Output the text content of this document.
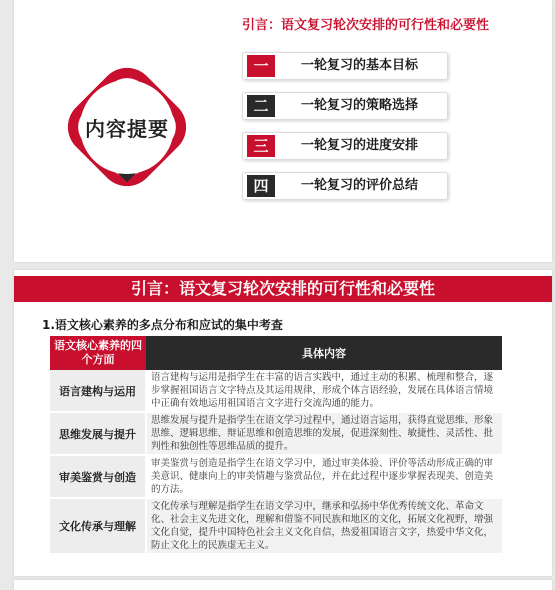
内容提要
引言：语文复习轮次安排的可行性和必要性
一	一轮复习的基本目标
二	一轮复习的策略选择
三	一轮复习的进度安排
四	一轮复习的评价总结
引言：语文复习轮次安排的可行性和必要性
1.语文核心素养的多点分布和应试的集中考查
语文核心素养的四个方面	具体内容
语言建构与运用	语言建构与运用是指学生在丰富的语言实践中，通过主动的积累、梳理和整合，逐步掌握祖国语言文字特点及其运用规律，形成个体言语经验，发展在具体语言情境中正确有效地运用祖国语言文字进行交流沟通的能力。
思维发展与提升	思维发展与提升是指学生在语文学习过程中，通过语言运用，获得直觉思维、形象思维、逻辑思维、辩证思维和创造思维的发展，促进深刻性、敏捷性、灵活性、批判性和独创性等思维品质的提升。
审美鉴赏与创造	审美鉴赏与创造是指学生在语文学习中，通过审美体验、评价等活动形成正确的审美意识、健康向上的审美情趣与鉴赏品位，并在此过程中逐步掌握表现美、创造美的方法。
文化传承与理解	文化传承与理解是指学生在语文学习中，继承和弘扬中华优秀传统文化、革命文化、社会主义先进文化，理解和借鉴不同民族和地区的文化，拓展文化视野，增强文化自觉，提升中国特色社会主义文化自信，热爱祖国语言文字，热爱中华文化，防止文化上的民族虚无主义。
